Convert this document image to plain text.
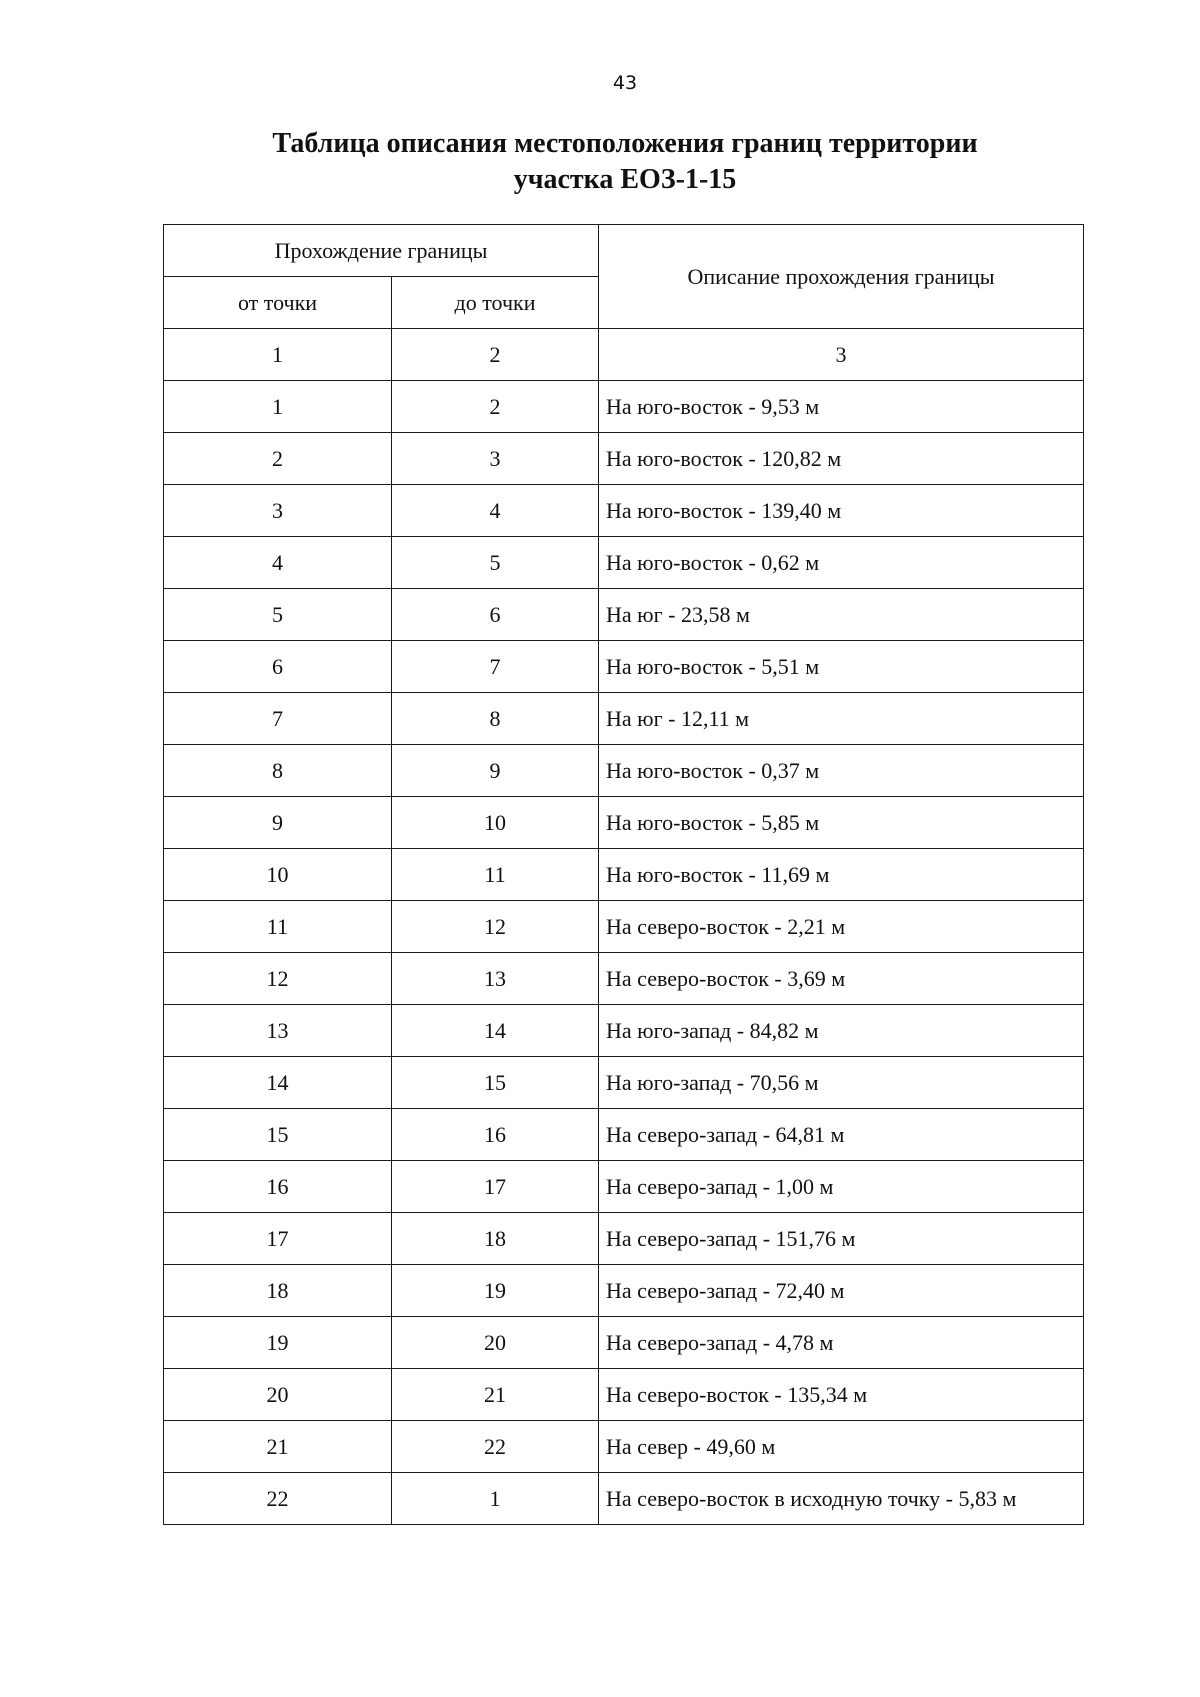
43
Таблица описания местоположения границ территории
участка ЕОЗ-1-15
Прохождение границы		Описание прохождения границы
от точки	до точки	
1	2	3
1	2	На юго-восток - 9,53 м
2	3	На юго-восток - 120,82 м
3	4	На юго-восток - 139,40 м
4	5	На юго-восток - 0,62 м
5	6	На юг - 23,58 м
6	7	На юго-восток - 5,51 м
7	8	На юг - 12,11 м
8	9	На юго-восток - 0,37 м
9	10	На юго-восток - 5,85 м
10	11	На юго-восток - 11,69 м
11	12	На северо-восток - 2,21 м
12	13	На северо-восток - 3,69 м
13	14	На юго-запад - 84,82 м
14	15	На юго-запад - 70,56 м
15	16	На северо-запад - 64,81 м
16	17	На северо-запад - 1,00 м
17	18	На северо-запад - 151,76 м
18	19	На северо-запад - 72,40 м
19	20	На северо-запад - 4,78 м
20	21	На северо-восток - 135,34 м
21	22	На север - 49,60 м
22	1	На северо-восток в исходную точку - 5,83 м
